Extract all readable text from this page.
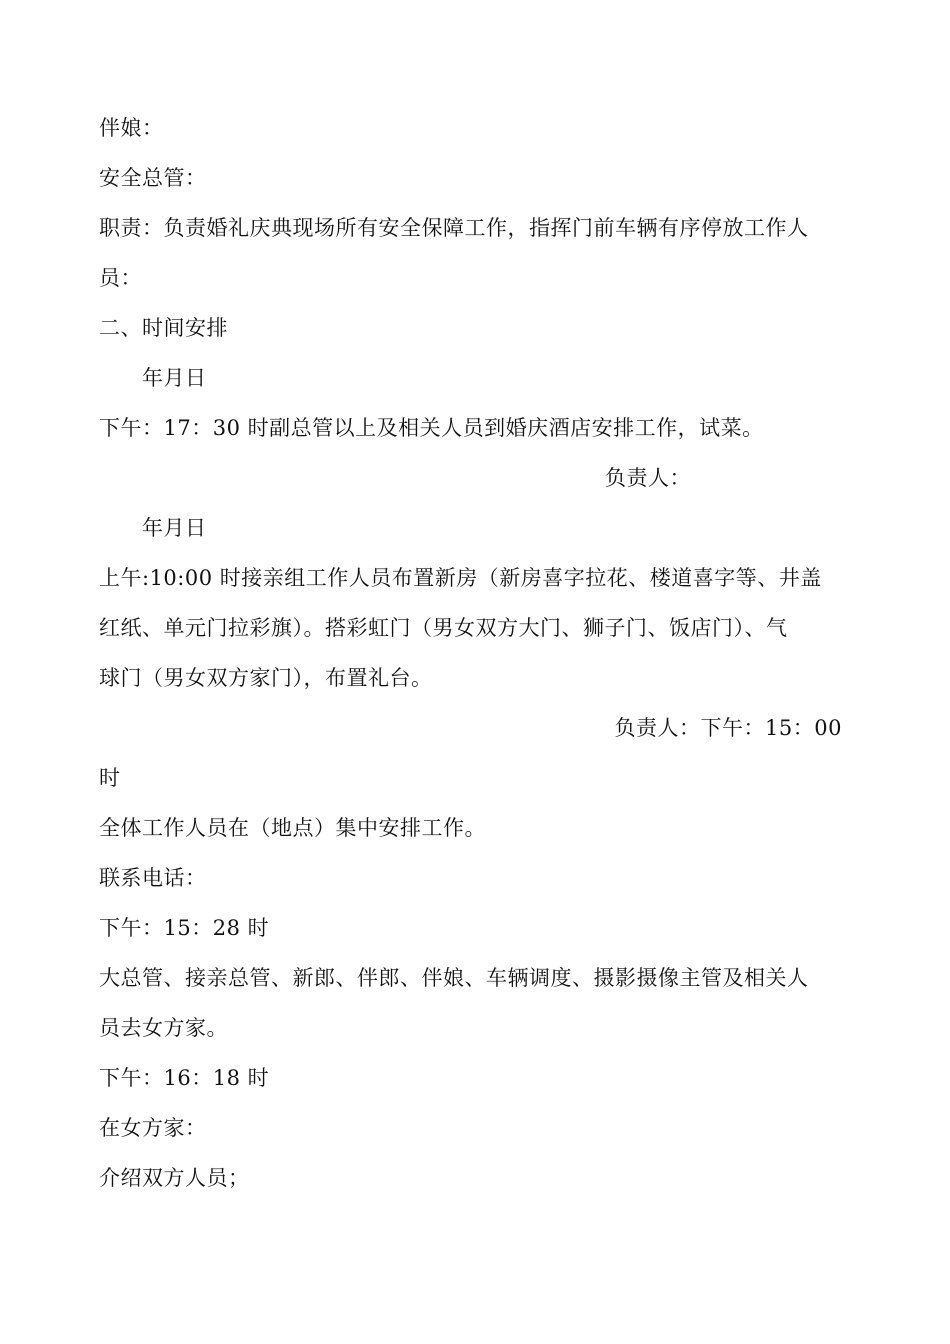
伴娘：
安全总管：
职责：负责婚礼庆典现场所有安全保障工作，指挥门前车辆有序停放工作人
员：
二、时间安排
年月日
下午：17：30 时副总管以上及相关人员到婚庆酒店安排工作，试菜。
负责人：
年月日
上午:10:00 时接亲组工作人员布置新房（新房喜字拉花、楼道喜字等、井盖
红纸、单元门拉彩旗）。搭彩虹门（男女双方大门、狮子门、饭店门）、气
球门（男女双方家门），布置礼台。
负责人：下午：15：00
时
全体工作人员在（地点）集中安排工作。
联系电话：
下午：15：28 时
大总管、接亲总管、新郎、伴郎、伴娘、车辆调度、摄影摄像主管及相关人
员去女方家。
下午：16：18 时
在女方家：
介绍双方人员；
